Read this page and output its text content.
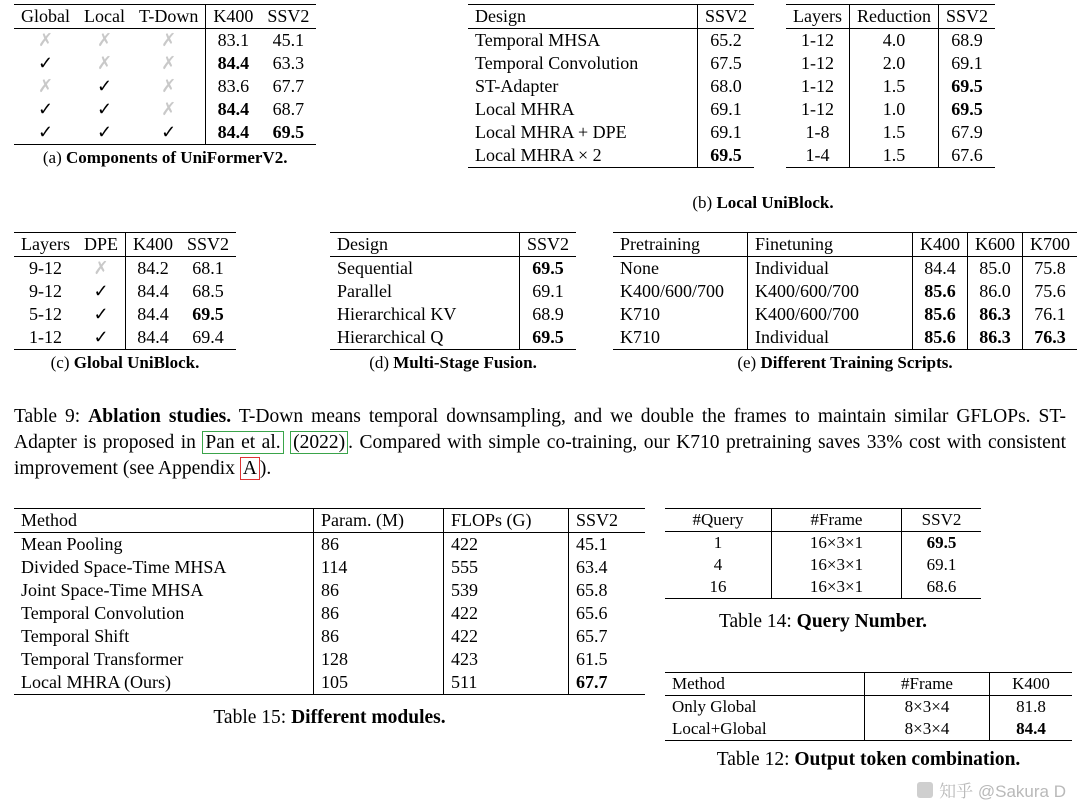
Global	Local	T-Down	K400	SSV2
✗	✗	✗	83.1	45.1
✓	✗	✗	84.4	63.3
✗	✓	✗	83.6	67.7
✓	✓	✗	84.4	68.7
✓	✓	✓	84.4	69.5
(a) Components of UniFormerV2.
Design	SSV2
Temporal MHSA	65.2
Temporal Convolution	67.5
ST-Adapter	68.0
Local MHRA	69.1
Local MHRA + DPE	69.1
Local MHRA × 2	69.5
Layers	Reduction	SSV2
1-12	4.0	68.9
1-12	2.0	69.1
1-12	1.5	69.5
1-12	1.0	69.5
1-8	1.5	67.9
1-4	1.5	67.6
(b) Local UniBlock.
Layers	DPE	K400	SSV2
9-12	✗	84.2	68.1
9-12	✓	84.4	68.5
5-12	✓	84.4	69.5
1-12	✓	84.4	69.4
(c) Global UniBlock.
Design	SSV2
Sequential	69.5
Parallel	69.1
Hierarchical KV	68.9
Hierarchical Q	69.5
(d) Multi-Stage Fusion.
Pretraining	Finetuning	K400	K600	K700
None	Individual	84.4	85.0	75.8
K400/600/700	K400/600/700	85.6	86.0	75.6
K710	K400/600/700	85.6	86.3	76.1
K710	Individual	85.6	86.3	76.3
(e) Different Training Scripts.
Table 9: Ablation studies. T-Down means temporal downsampling, and we double the frames to maintain similar GFLOPs. ST-Adapter is proposed in Pan et al. (2022) . Compared with simple co-training, our K710 pretraining saves 33% cost with consistent improvement (see Appendix A ).
Method	Param. (M)	FLOPs (G)	SSV2
Mean Pooling	86	422	45.1
Divided Space-Time MHSA	114	555	63.4
Joint Space-Time MHSA	86	539	65.8
Temporal Convolution	86	422	65.6
Temporal Shift	86	422	65.7
Temporal Transformer	128	423	61.5
Local MHRA (Ours)	105	511	67.7
Table 15: Different modules.
#Query	#Frame	SSV2
1	16×3×1	69.5
4	16×3×1	69.1
16	16×3×1	68.6
Table 14: Query Number.
Method	#Frame	K400
Only Global	8×3×4	81.8
Local+Global	8×3×4	84.4
Table 12: Output token combination.
知乎 @Sakura D
